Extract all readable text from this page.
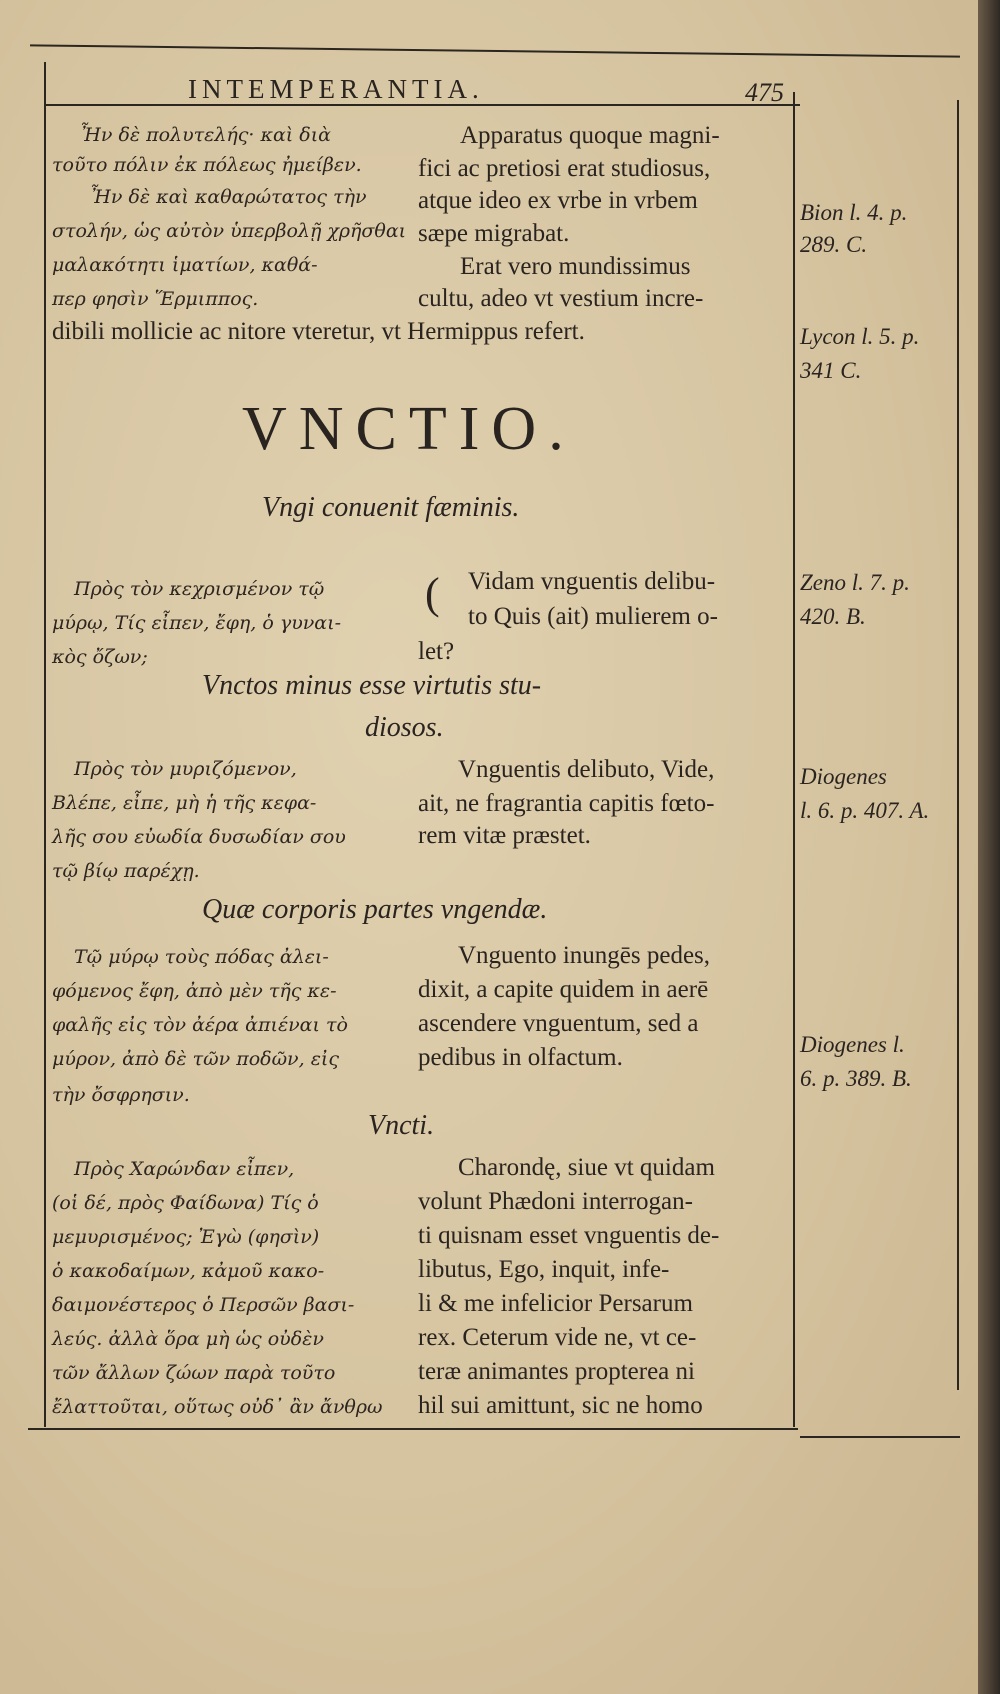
INTEMPERANTIA.	475
Ἦν δὲ πολυτελής· καὶ διὰ
τοῦτο πόλιν ἐκ πόλεως ἠμείβεν.
Ἦν δὲ καὶ καθαρώτατος τὴν
στολήν, ὡς αὐτὸν ὑπερβολῇ χρῆσθαι
μαλακότητι ἱματίων, καθά-
περ φησὶν Ἕρμιππος.
Apparatus quoque magni-
fici ac pretiosi erat studiosus,
atque ideo ex vrbe in vrbem
sæpe migrabat.
Erat vero mundissimus
cultu, adeo vt vestium incre-
dibili mollicie ac nitore vteretur, vt Hermippus refert.
Bion l. 4. p.
289. C.
Lycon l. 5. p.
341 C.
VNCTIO.
Vngi conuenit fæminis.
Πρὸς τὸν κεχρισμένον τῷ
μύρῳ, Τίς εἶπεν, ἔφη, ὁ γυναι-
κὸς ὄζων;
( Vidam vnguentis delibu-
to Quis (ait) mulierem o-
let?
Zeno l. 7. p.
420. B.
Vnctos minus esse virtutis stu-
diosos.
Πρὸς τὸν μυριζόμενον,
Βλέπε, εἶπε, μὴ ἡ τῆς κεφα-
λῆς σου εὐωδία δυσωδίαν σου
τῷ βίῳ παρέχῃ.
Vnguentis delibuto, Vide,
ait, ne fragrantia capitis fœto-
rem vitæ præstet.
Diogenes
l. 6. p. 407. A.
Quæ corporis partes vngendæ.
Τῷ μύρῳ τοὺς πόδας ἀλει-
φόμενος ἔφη, ἀπὸ μὲν τῆς κε-
φαλῆς εἰς τὸν ἀέρα ἀπιέναι τὸ
μύρον, ἀπὸ δὲ τῶν ποδῶν, εἰς
τὴν ὄσφρησιν.
Vnguento inungēs pedes,
dixit, a capite quidem in aerē
ascendere vnguentum, sed a
pedibus in olfactum.	Diogenes l.
6. p. 389. B.
Vncti.
Πρὸς Χαρώνδαν εἶπεν,
(οἱ δέ, πρὸς Φαίδωνα) Τίς ὁ
μεμυρισμένος; Ἐγὼ (φησὶν)
ὁ κακοδαίμων, κἀμοῦ κακο-
δαιμονέστερος ὁ Περσῶν βασι-
λεύς. ἀλλὰ ὅρα μὴ ὡς οὐδὲν
τῶν ἄλλων ζώων παρὰ τοῦτο
ἔλαττοῦται, οὕτως οὐδ᾽ ἂν ἄνθρω
Charondę, siue vt quidam
volunt Phædoni interrogan-
ti quisnam esset vnguentis de-
libutus, Ego, inquit, infe-
li & me infelicior Persarum
rex. Ceterum vide ne, vt ce-
teræ animantes propterea ni
hil sui amittunt, sic ne homo
